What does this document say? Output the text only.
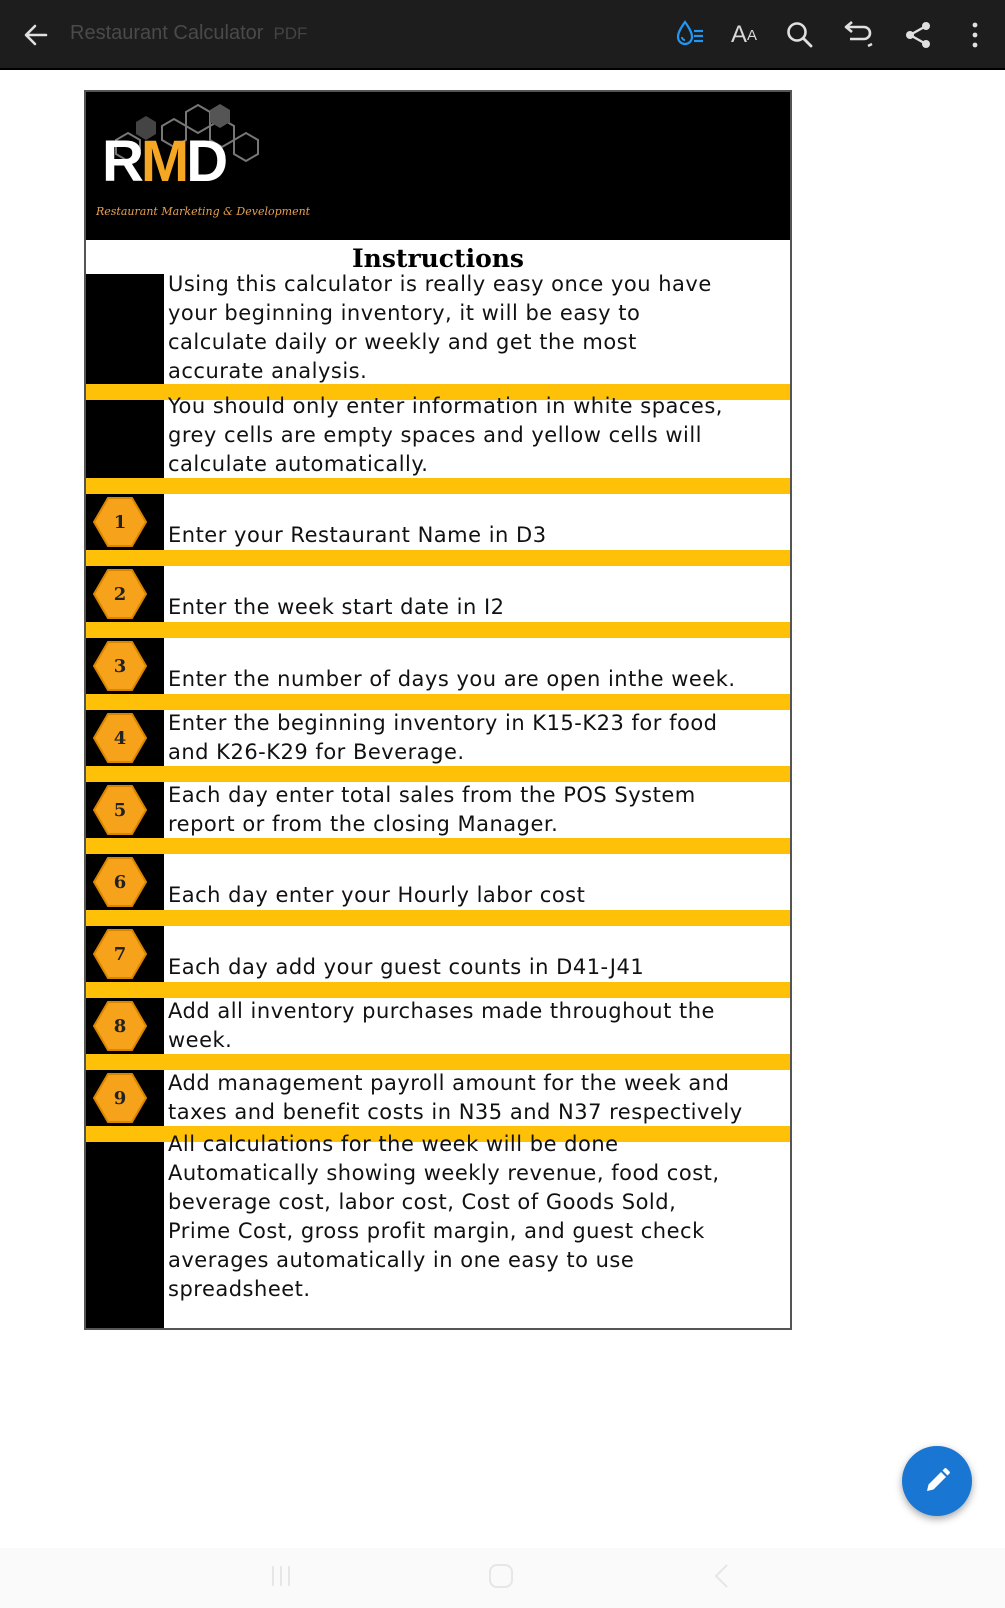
Restaurant Calculator PDF	A A
RMD
Restaurant Marketing & Development
Instructions
Using this calculator is really easy once you have
your beginning inventory, it will be easy to
calculate daily or weekly and get the most
accurate analysis.
You should only enter information in white spaces,
grey cells are empty spaces and yellow cells will
calculate automatically.
1
Enter your Restaurant Name in D3
2
Enter the week start date in I2
3
Enter the number of days you are open inthe week.
4
Enter the beginning inventory in K15-K23 for food
and K26-K29 for Beverage.
5
Each day enter total sales from the POS System
report or from the closing Manager.
6
Each day enter your Hourly labor cost
7
Each day add your guest counts in D41-J41
8
Add all inventory purchases made throughout the
week.
9
Add management payroll amount for the week and
taxes and benefit costs in N35 and N37 respectively
All calculations for the week will be done
Automatically showing weekly revenue, food cost,
beverage cost, labor cost, Cost of Goods Sold,
Prime Cost, gross profit margin, and guest check
averages automatically in one easy to use
spreadsheet.
